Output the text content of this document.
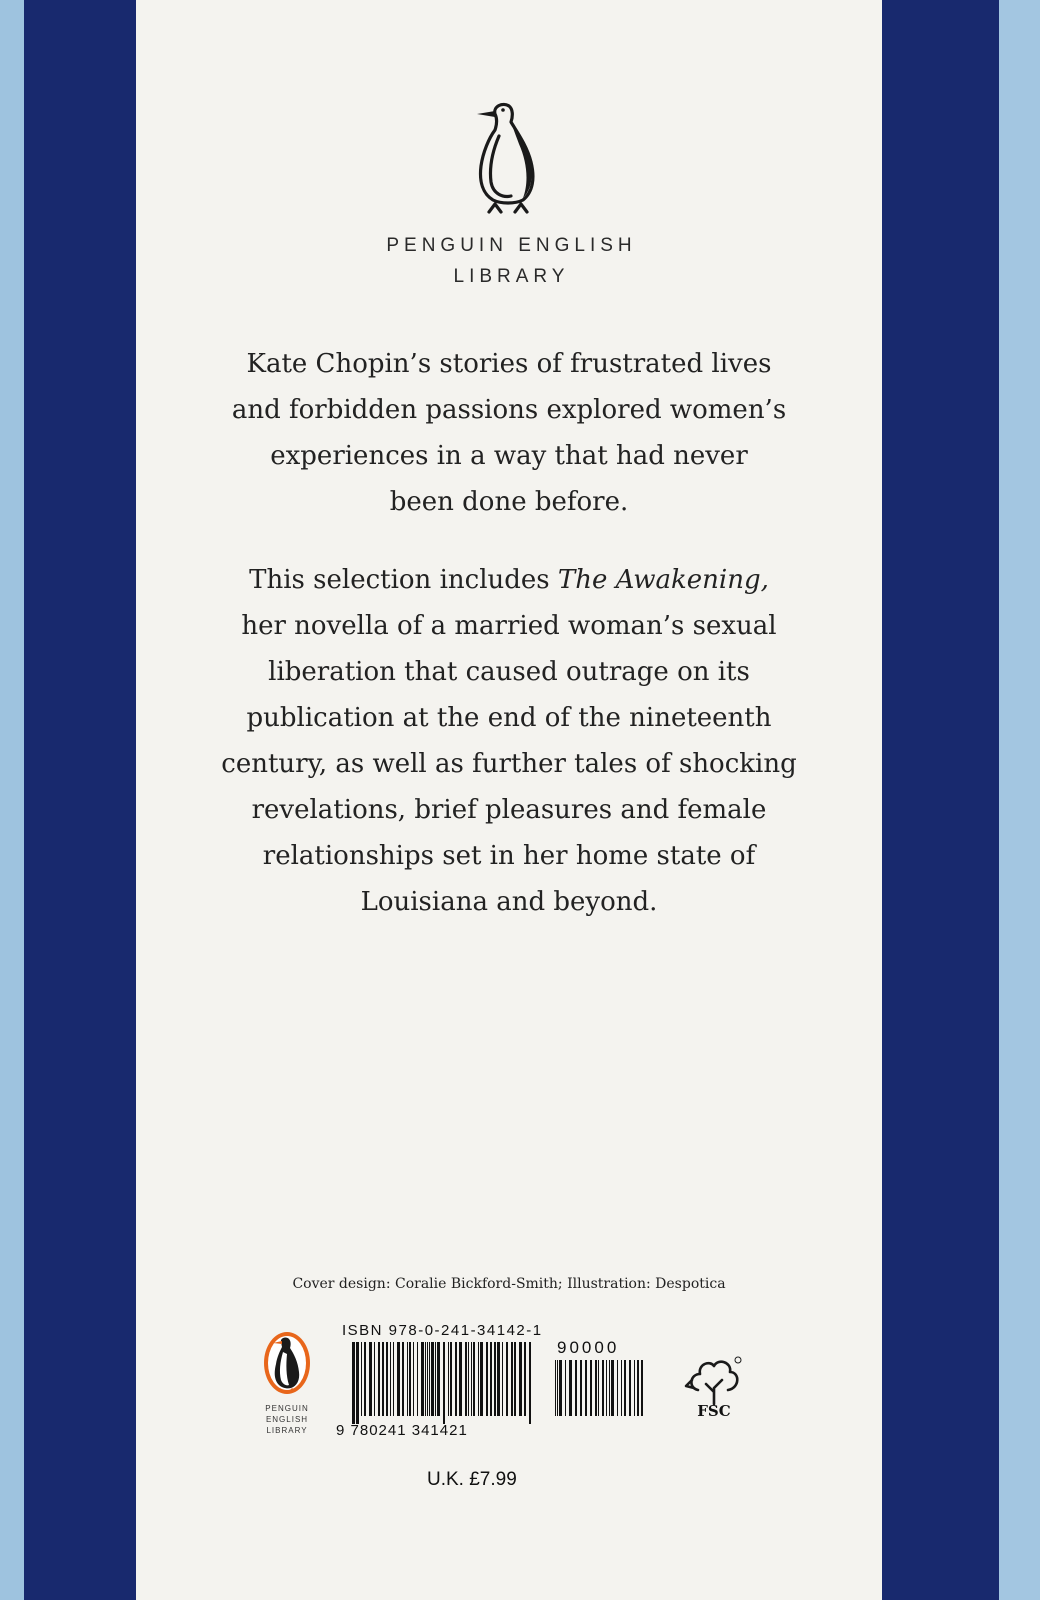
PENGUIN ENGLISH
LIBRARY
Kate Chopin’s stories of frustrated lives
and forbidden passions explored women’s
experiences in a way that had never
been done before.
This selection includes The Awakening,
her novella of a married woman’s sexual
liberation that caused outrage on its
publication at the end of the nineteenth
century, as well as further tales of shocking
revelations, brief pleasures and female
relationships set in her home state of
Louisiana and beyond.
Cover design: Coralie Bickford-Smith; Illustration: Despotica
PENGUIN
ENGLISH
LIBRARY
ISBN 978-0-241-34142-1
90000
9 780241 341421
FSC
U.K. £7.99
